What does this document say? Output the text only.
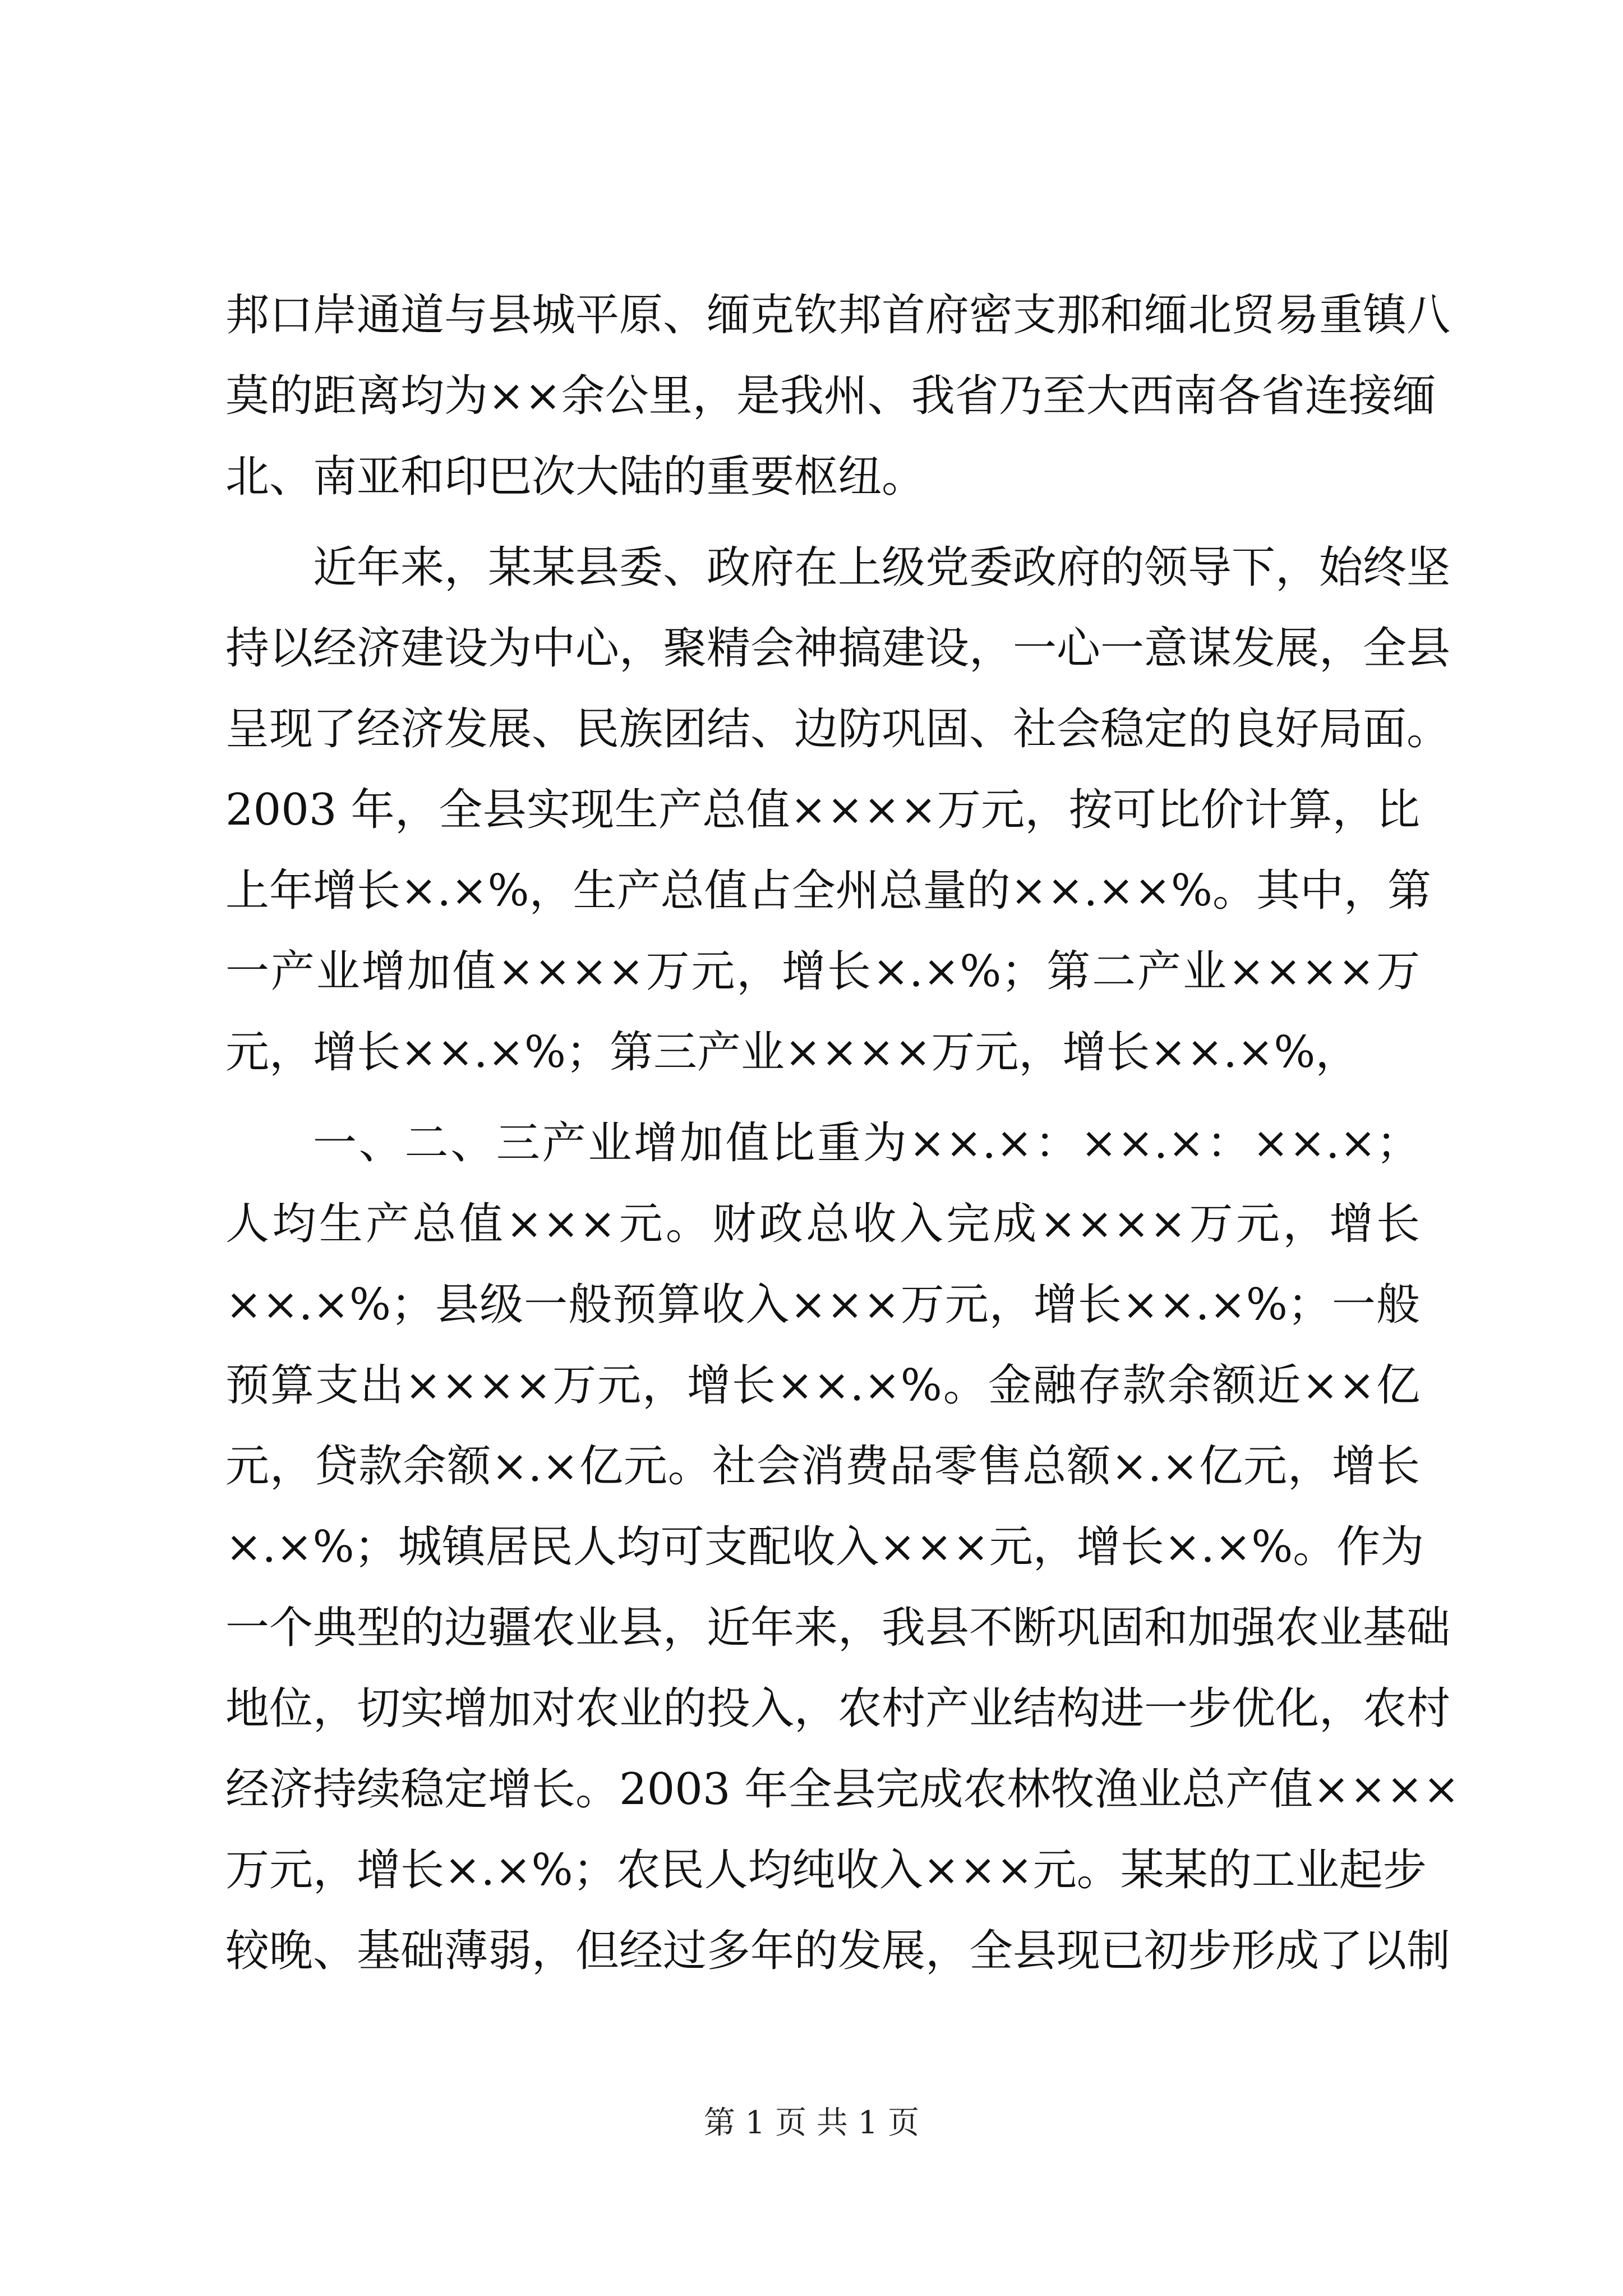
邦口岸通道与县城平原、缅克钦邦首府密支那和缅北贸易重镇八
莫的距离均为××余公里，是我州、我省乃至大西南各省连接缅
北、南亚和印巴次大陆的重要枢纽。
近年来，某某县委、政府在上级党委政府的领导下，始终坚
持以经济建设为中心，聚精会神搞建设，一心一意谋发展，全县
呈现了经济发展、民族团结、边防巩固、社会稳定的良好局面。
2003 年，全县实现生产总值××××万元，按可比价计算，比
上年增长×.×%，生产总值占全州总量的××.××%。其中，第
一产业增加值××××万元，增长×.×%；第二产业××××万
元，增长××.×%；第三产业××××万元，增长××.×%，
一、二、三产业增加值比重为××.×：××.×：××.×；
人均生产总值×××元。财政总收入完成××××万元，增长
××.×%；县级一般预算收入×××万元，增长××.×%；一般
预算支出××××万元，增长××.×%。金融存款余额近××亿
元，贷款余额×.×亿元。社会消费品零售总额×.×亿元，增长
×.×%；城镇居民人均可支配收入×××元，增长×.×%。作为
一个典型的边疆农业县，近年来，我县不断巩固和加强农业基础
地位，切实增加对农业的投入，农村产业结构进一步优化，农村
经济持续稳定增长。2003 年全县完成农林牧渔业总产值××××
万元，增长×.×%；农民人均纯收入×××元。某某的工业起步
较晚、基础薄弱，但经过多年的发展，全县现已初步形成了以制
第 1 页 共 1 页
